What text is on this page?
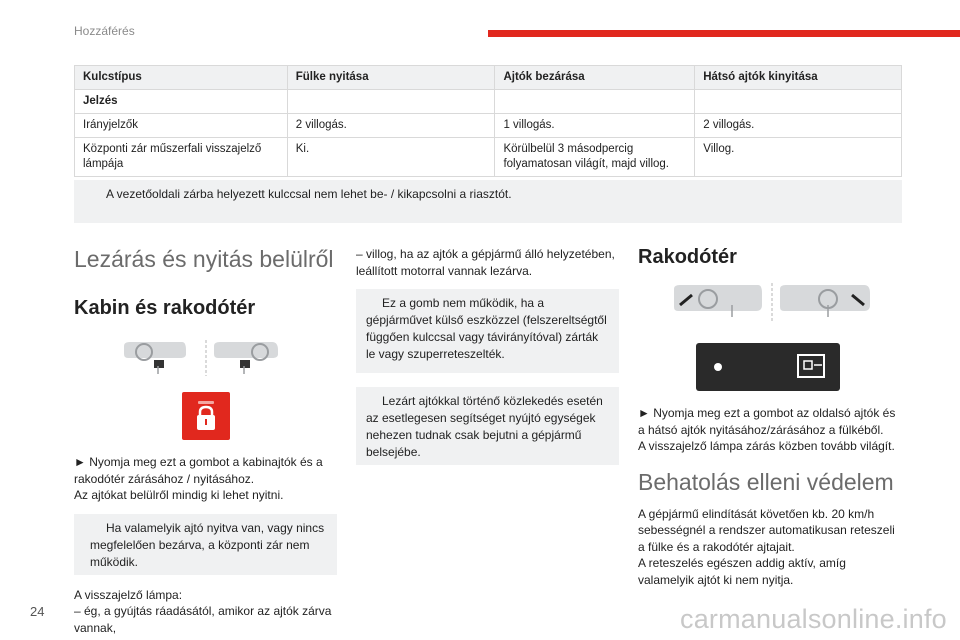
Hozzáférés
Kulcstípus	Fülke nyitása	Ajtók bezárása	Hátsó ajtók kinyitása
Jelzés			
Irányjelzők	2 villogás.	1 villogás.	2 villogás.
Központi zár műszerfali visszajelző lámpája	Ki.	Körülbelül 3 másodpercig folyamatosan világít, majd villog.	Villog.

A vezetőoldali zárba helyezett kulccsal nem lehet be- / kikapcsolni a riasztót.

Lezárás és nyitás belülről
Kabin és rakodótér

► Nyomja meg ezt a gombot a kabinajtók és a rakodótér zárásához / nyitásához.

Az ajtókat belülről mindig ki lehet nyitni.

Ha valamelyik ajtó nyitva van, vagy nincs megfelelően bezárva, a központi zár nem működik.

A visszajelző lámpa:

– ég, a gyújtás ráadásától, amikor az ajtók zárva vannak,

– villog, ha az ajtók a gépjármű álló helyzetében, leállított motorral vannak lezárva.

Ez a gomb nem működik, ha a gépjárművet külső eszközzel (felszereltségtől függően kulccsal vagy távirányítóval) zárták le vagy szuperreteszelték.

Lezárt ajtókkal történő közlekedés esetén az esetlegesen segítséget nyújtó egységek nehezen tudnak csak bejutni a gépjármű belsejébe.

Rakodótér

► Nyomja meg ezt a gombot az oldalsó ajtók és a hátsó ajtók nyitásához/zárásához a fülkéből.

A visszajelző lámpa zárás közben tovább világít.

Behatolás elleni védelem

A gépjármű elindítását követően kb. 20 km/h sebességnél a rendszer automatikusan reteszeli a fülke és a rakodótér ajtajait.

A reteszelés egészen addig aktív, amíg valamelyik ajtót ki nem nyitja.

24	carmanualsonline.info
